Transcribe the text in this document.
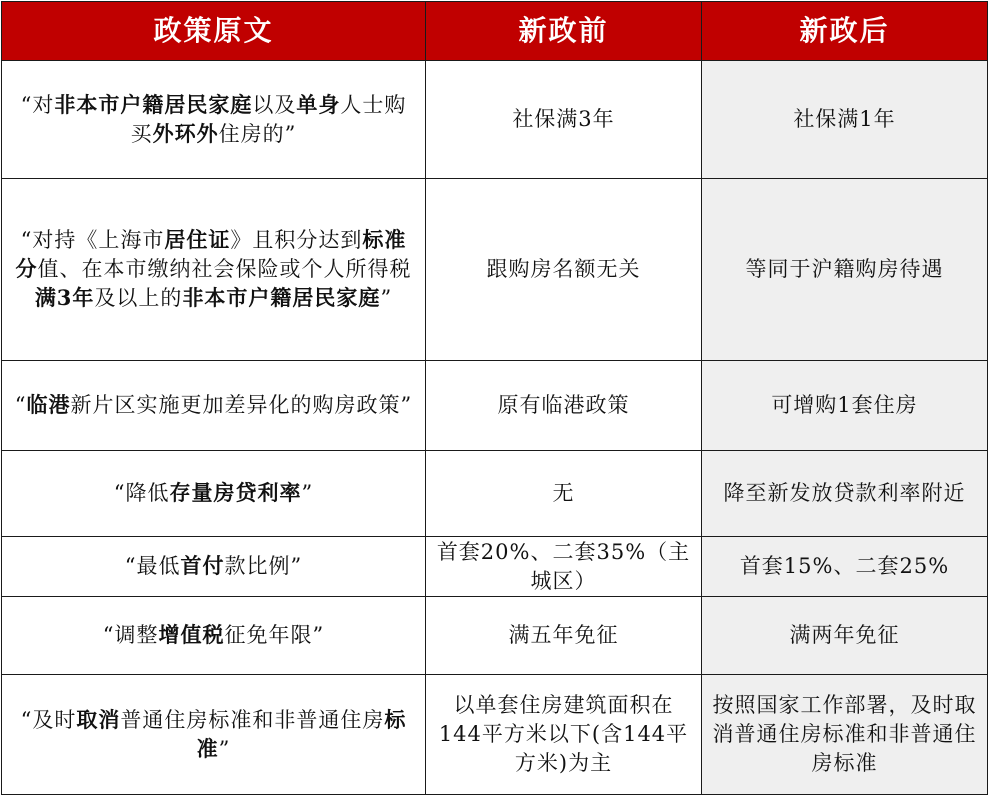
政策原文	新政前	新政后
“对非本市户籍居民家庭以及单身人士购买外环外住房的”	社保满3年	社保满1年
“对持《上海市居住证》且积分达到标准分值、在本市缴纳社会保险或个人所得税满3年及以上的非本市户籍居民家庭”	跟购房名额无关	等同于沪籍购房待遇
“临港新片区实施更加差异化的购房政策”	原有临港政策	可增购1套住房
“降低存量房贷利率”	无	降至新发放贷款利率附近
“最低首付款比例”	首套20%、二套35%（主城区）	首套15%、二套25%
“调整增值税征免年限”	满五年免征	满两年免征
“及时取消普通住房标准和非普通住房标准”	以单套住房建筑面积在144平方米以下(含144平方米)为主	按照国家工作部署，及时取消普通住房标准和非普通住房标准
